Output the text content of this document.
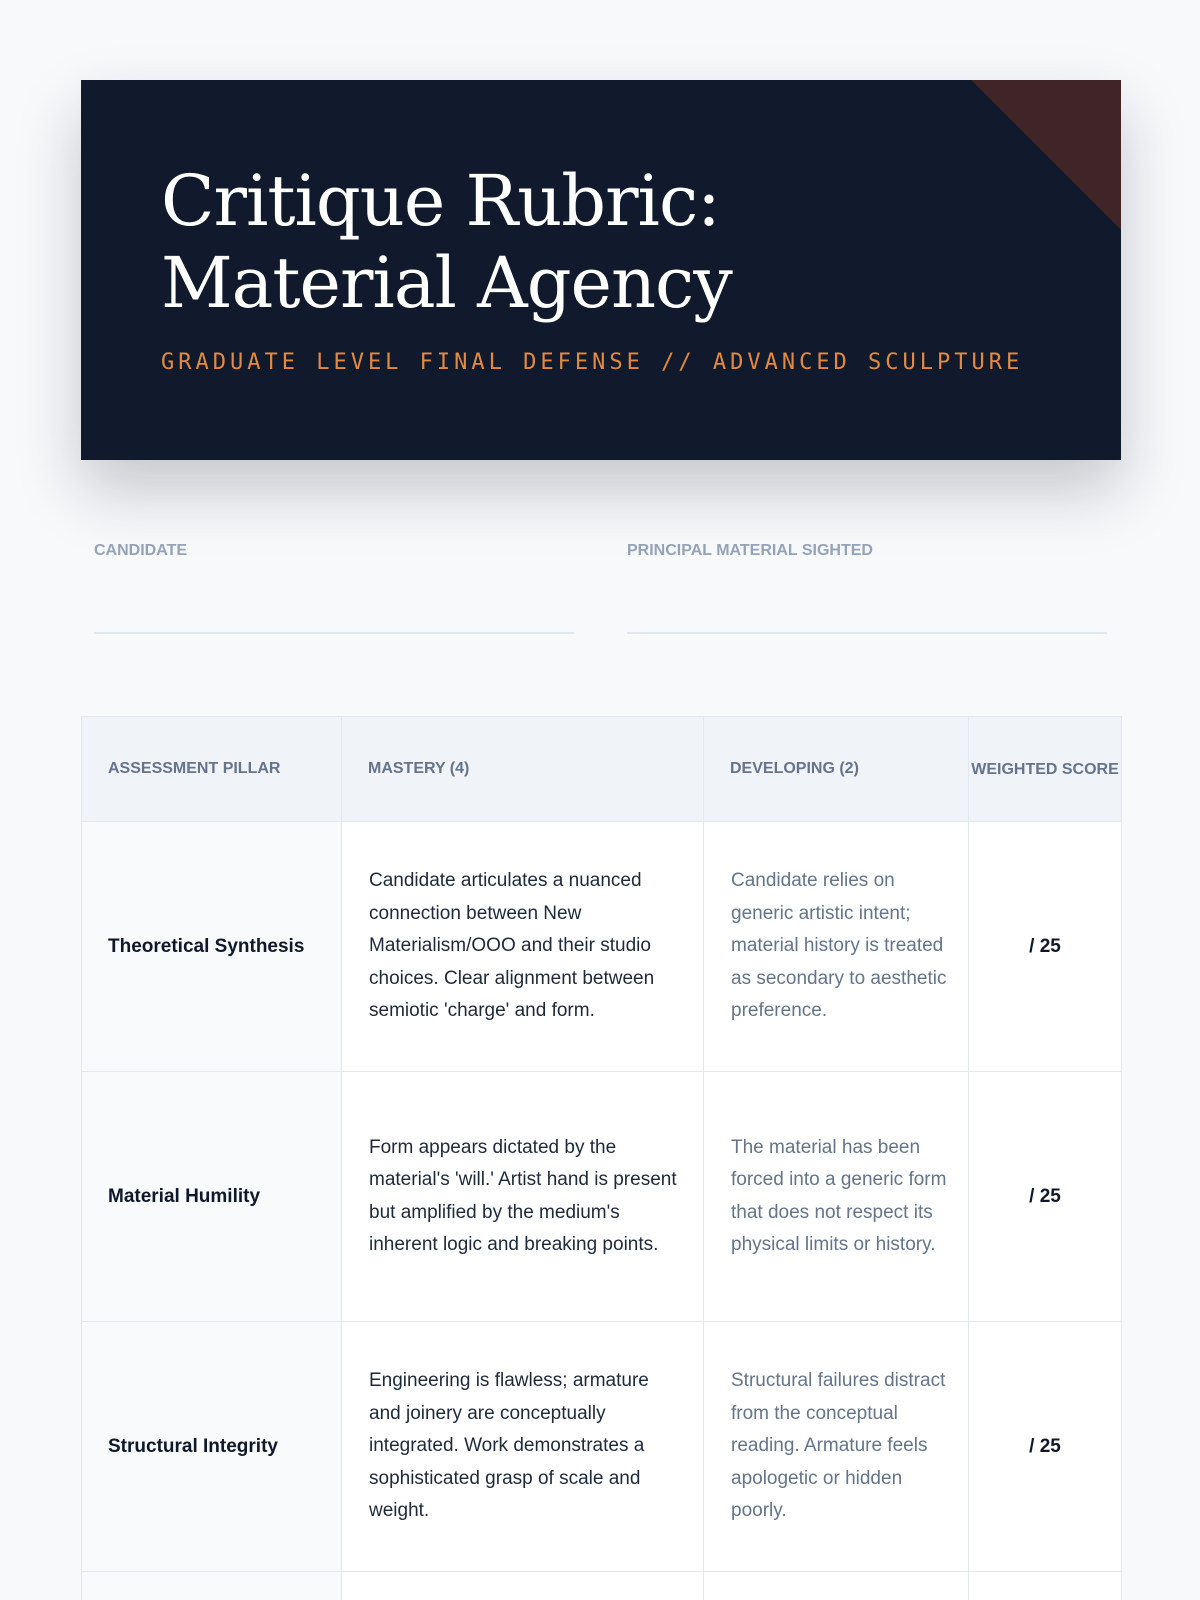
Critique Rubric:
Material Agency

GRADUATE LEVEL FINAL DEFENSE // ADVANCED SCULPTURE

CANDIDATE	PRINCIPAL MATERIAL SIGHTED
ASSESSMENT PILLAR	MASTERY (4)	DEVELOPING (2)	WEIGHTED SCORE
Theoretical Synthesis	Candidate articulates a nuanced connection between New Materialism/OOO and their studio choices. Clear alignment between semiotic 'charge' and form.	Candidate relies on generic artistic intent; material history is treated as secondary to aesthetic preference.	/ 25
Material Humility	Form appears dictated by the material's 'will.' Artist hand is present but amplified by the medium's inherent logic and breaking points.	The material has been forced into a generic form that does not respect its physical limits or history.	/ 25
Structural Integrity	Engineering is flawless; armature and joinery are conceptually integrated. Work demonstrates a sophisticated grasp of scale and weight.	Structural failures distract from the conceptual reading. Armature feels apologetic or hidden poorly.	/ 25
